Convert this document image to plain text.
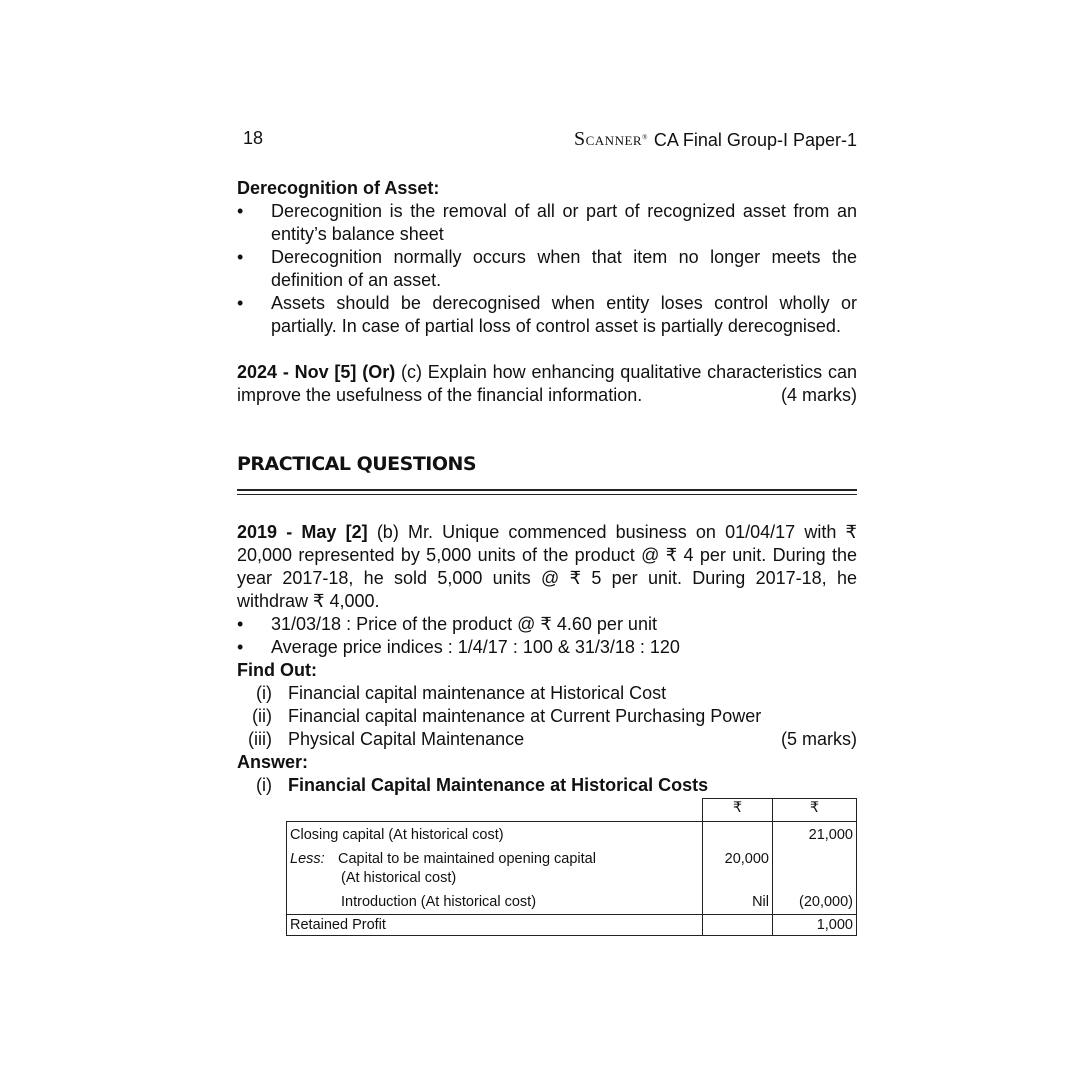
18	SCANNER® CA Final Group-I Paper-1
Derecognition of Asset:
• Derecognition is the removal of all or part of recognized asset from an entity’s balance sheet
• Derecognition normally occurs when that item no longer meets the definition of an asset.
• Assets should be derecognised when entity loses control wholly or partially. In case of partial loss of control asset is partially derecognised.
2024 - Nov [5] (Or) (c) Explain how enhancing qualitative characteristics can improve the usefulness of the financial information.	(4 marks)
PRACTICAL QUESTIONS
2019 - May [2] (b) Mr. Unique commenced business on 01/04/17 with ₹ 20,000 represented by 5,000 units of the product @ ₹ 4 per unit. During the year 2017-18, he sold 5,000 units @ ₹ 5 per unit. During 2017-18, he withdraw ₹ 4,000.
• 31/03/18 : Price of the product @ ₹ 4.60 per unit
• Average price indices : 1/4/17 : 100 & 31/3/18 : 120
Find Out:
(i) Financial capital maintenance at Historical Cost
(ii) Financial capital maintenance at Current Purchasing Power
(iii) Physical Capital Maintenance	(5 marks)
Answer:
(i) Financial Capital Maintenance at Historical Costs
	₹	₹
Closing capital (At historical cost)		21,000
Less: Capital to be maintained opening capital
(At historical cost)	20,000	
Introduction (At historical cost)	Nil	(20,000)
Retained Profit		1,000
